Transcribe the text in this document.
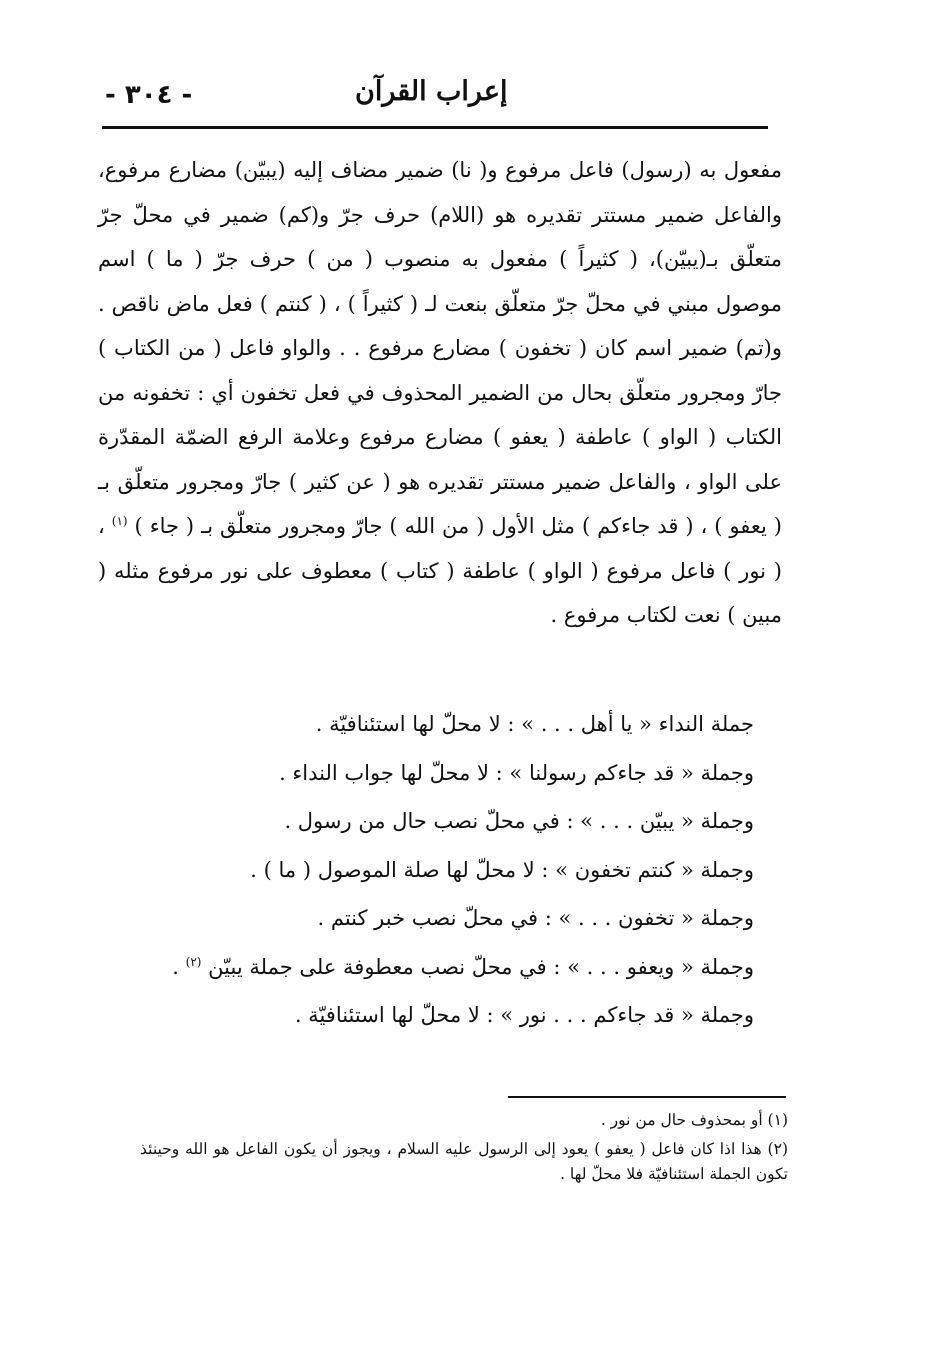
- ٣٠٤ -	إعراب القرآن

مفعول به (رسول) فاعل مرفوع و( نا) ضمير مضاف إليه (يبيّن) مضارع مرفوع، والفاعل ضمير مستتر تقديره هو (اللام) حرف جرّ و(كم) ضمير في محلّ جرّ متعلّق بـ(يبيّن)، ( كثيراً ) مفعول به منصوب ( من ) حرف جرّ ( ما ) اسم موصول مبني في محلّ جرّ متعلّق بنعت لـ ( كثيراً ) ، ( كنتم ) فعل ماض ناقص . و(تم) ضمير اسم كان ( تخفون ) مضارع مرفوع . . والواو فاعل ( من الكتاب ) جارّ ومجرور متعلّق بحال من الضمير المحذوف في فعل تخفون أي : تخفونه من الكتاب ( الواو ) عاطفة ( يعفو ) مضارع مرفوع وعلامة الرفع الضمّة المقدّرة على الواو ، والفاعل ضمير مستتر تقديره هو ( عن كثير ) جارّ ومجرور متعلّق بـ ( يعفو ) ، ( قد جاءكم ) مثل الأول ( من الله ) جارّ ومجرور متعلّق بـ ( جاء ) $^{(١)}$ ، ( نور ) فاعل مرفوع ( الواو ) عاطفة ( كتاب ) معطوف على نور مرفوع مثله ( مبين ) نعت لكتاب مرفوع .

جملة النداء « يا أهل . . . » : لا محلّ لها استئنافيّة .

وجملة « قد جاءكم رسولنا » : لا محلّ لها جواب النداء .

وجملة « يبيّن . . . » : في محلّ نصب حال من رسول .

وجملة « كنتم تخفون » : لا محلّ لها صلة الموصول ( ما ) .

وجملة « تخفون . . . » : في محلّ نصب خبر كنتم .

وجملة « ويعفو . . . » : في محلّ نصب معطوفة على جملة يبيّن $^{(٢)}$ .

وجملة « قد جاءكم . . . نور » : لا محلّ لها استئنافيّة .

(١) أو بمحذوف حال من نور .

(٢) هذا اذا كان فاعل ( يعفو ) يعود إلى الرسول عليه السلام ، ويجوز أن يكون الفاعل هو الله وحينئذ تكون الجملة استئنافيّة فلا محلّ لها .
